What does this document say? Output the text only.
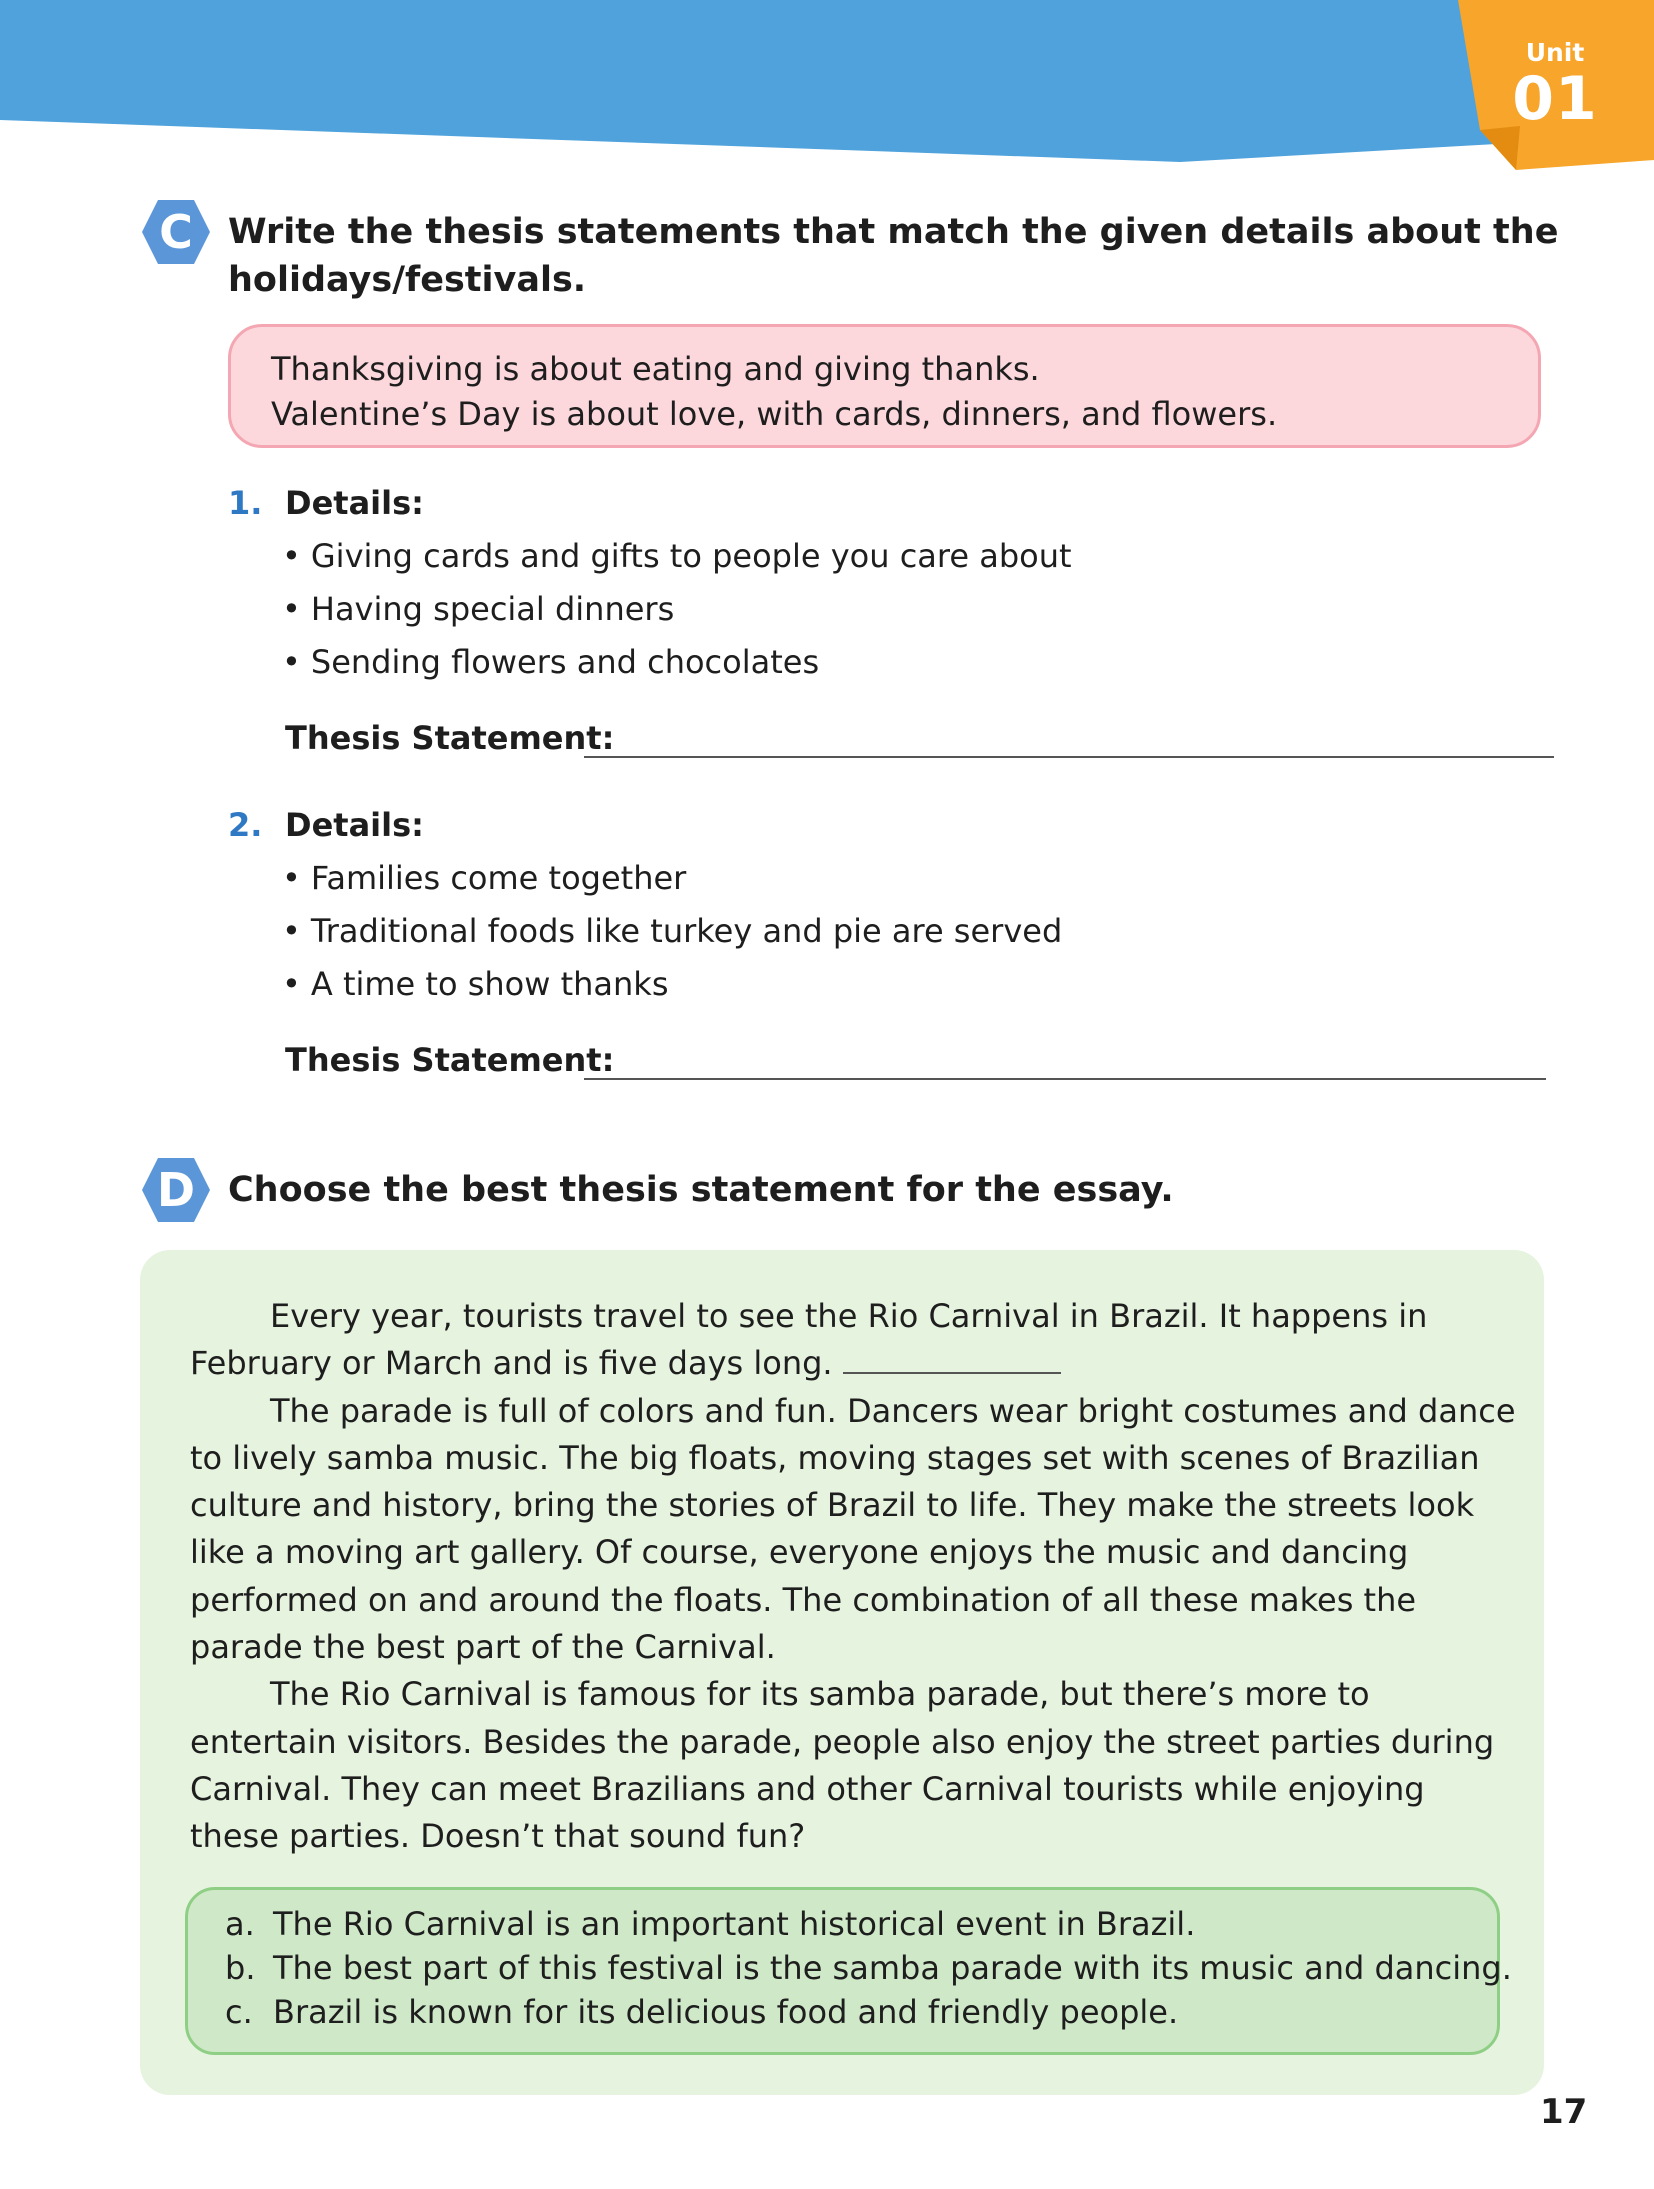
Unit
01
C	Write the thesis statements that match the given details about the
holidays/festivals.
Thanksgiving is about eating and giving thanks.
Valentine’s Day is about love, with cards, dinners, and flowers.
1. Details:
• Giving cards and gifts to people you care about
• Having special dinners
• Sending flowers and chocolates
Thesis Statement:
2. Details:
• Families come together
• Traditional foods like turkey and pie are served
• A time to show thanks
Thesis Statement:
D Choose the best thesis statement for the essay.

Every year, tourists travel to see the Rio Carnival in Brazil. It happens in February or March and is five days long.

The parade is full of colors and fun. Dancers wear bright costumes and dance to lively samba music. The big floats, moving stages set with scenes of Brazilian culture and history, bring the stories of Brazil to life. They make the streets look like a moving art gallery. Of course, everyone enjoys the music and dancing performed on and around the floats. The combination of all these makes the parade the best part of the Carnival.

The Rio Carnival is famous for its samba parade, but there’s more to entertain visitors. Besides the parade, people also enjoy the street parties during Carnival. They can meet Brazilians and other Carnival tourists while enjoying these parties. Doesn’t that sound fun?

a. The Rio Carnival is an important historical event in Brazil.
b. The best part of this festival is the samba parade with its music and dancing.
c. Brazil is known for its delicious food and friendly people.
17
